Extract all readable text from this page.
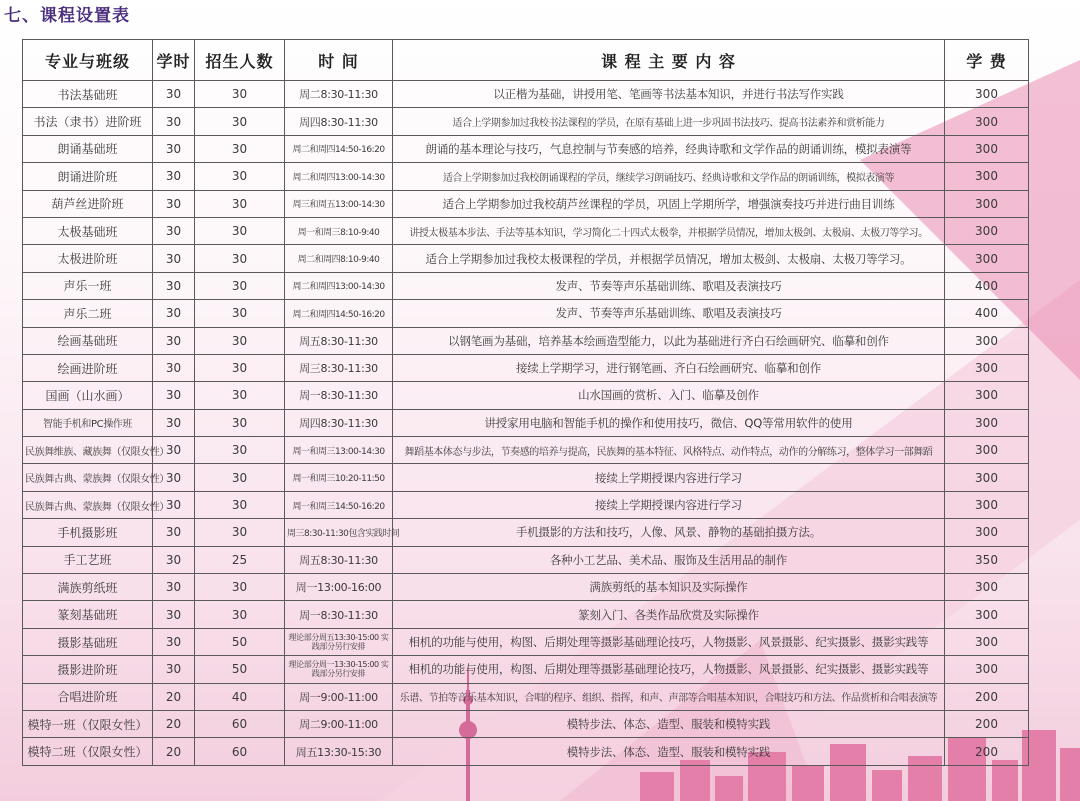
七、课程设置表
专业与班级	学时	招生人数	时 间	课 程 主 要 内 容	学 费
书法基础班	30	30	周二8:30-11:30	以正楷为基础，讲授用笔、笔画等书法基本知识，并进行书法写作实践	300
书法（隶书）进阶班	30	30	周四8:30-11:30	适合上学期参加过我校书法课程的学员，在原有基础上进一步巩固书法技巧、提高书法素养和赏析能力	300
朗诵基础班	30	30	周二和周四14:50-16:20	朗诵的基本理论与技巧，气息控制与节奏感的培养，经典诗歌和文学作品的朗诵训练，模拟表演等	300
朗诵进阶班	30	30	周二和周四13:00-14:30	适合上学期参加过我校朗诵课程的学员，继续学习朗诵技巧、经典诗歌和文学作品的朗诵训练，模拟表演等	300
葫芦丝进阶班	30	30	周三和周五13:00-14:30	适合上学期参加过我校葫芦丝课程的学员，巩固上学期所学，增强演奏技巧并进行曲目训练	300
太极基础班	30	30	周一和周三8:10-9:40	讲授太极基本步法、手法等基本知识，学习简化二十四式太极拳，并根据学员情况，增加太极剑、太极扇、太极刀等学习。	300
太极进阶班	30	30	周二和周四8:10-9:40	适合上学期参加过我校太极课程的学员，并根据学员情况，增加太极剑、太极扇、太极刀等学习。	300
声乐一班	30	30	周二和周四13:00-14:30	发声、节奏等声乐基础训练、歌唱及表演技巧	400
声乐二班	30	30	周二和周四14:50-16:20	发声、节奏等声乐基础训练、歌唱及表演技巧	400
绘画基础班	30	30	周五8:30-11:30	以钢笔画为基础，培养基本绘画造型能力，以此为基础进行齐白石绘画研究、临摹和创作	300
绘画进阶班	30	30	周三8:30-11:30	接续上学期学习，进行钢笔画、齐白石绘画研究、临摹和创作	300
国画（山水画）	30	30	周一8:30-11:30	山水国画的赏析、入门、临摹及创作	300
智能手机和PC操作班	30	30	周四8:30-11:30	讲授家用电脑和智能手机的操作和使用技巧，微信、QQ等常用软件的使用	300
民族舞维族、藏族舞（仅限女性）	30	30	周一和周三13:00-14:30	舞蹈基本体态与步法，节奏感的培养与提高，民族舞的基本特征、风格特点、动作特点，动作的分解练习，整体学习一部舞蹈	300
民族舞古典、蒙族舞（仅限女性）	30	30	周一和周三10:20-11:50	接续上学期授课内容进行学习	300
民族舞古典、蒙族舞（仅限女性）	30	30	周一和周三14:50-16:20	接续上学期授课内容进行学习	300
手机摄影班	30	30	周三8:30-11:30包含实践时间	手机摄影的方法和技巧，人像、风景、静物的基础拍摄方法。	300
手工艺班	30	25	周五8:30-11:30	各种小工艺品、美术品、服饰及生活用品的制作	350
满族剪纸班	30	30	周一13:00-16:00	满族剪纸的基本知识及实际操作	300
篆刻基础班	30	30	周一8:30-11:30	篆刻入门、各类作品欣赏及实际操作	300
摄影基础班	30	50	理论部分周五13:30-15:00 实践部分另行安排	相机的功能与使用，构图、后期处理等摄影基础理论技巧，人物摄影、风景摄影、纪实摄影、摄影实践等	300
摄影进阶班	30	50	理论部分周一13:30-15:00 实践部分另行安排	相机的功能与使用，构图、后期处理等摄影基础理论技巧，人物摄影、风景摄影、纪实摄影、摄影实践等	300
合唱进阶班	20	40	周一9:00-11:00	乐谱、节拍等音乐基本知识，合唱的程序、组织、指挥，和声、声部等合唱基本知识，合唱技巧和方法、作品赏析和合唱表演等	200
模特一班（仅限女性）	20	60	周二9:00-11:00	模特步法、体态、造型、服装和模特实践	200
模特二班（仅限女性）	20	60	周五13:30-15:30	模特步法、体态、造型、服装和模特实践	200
